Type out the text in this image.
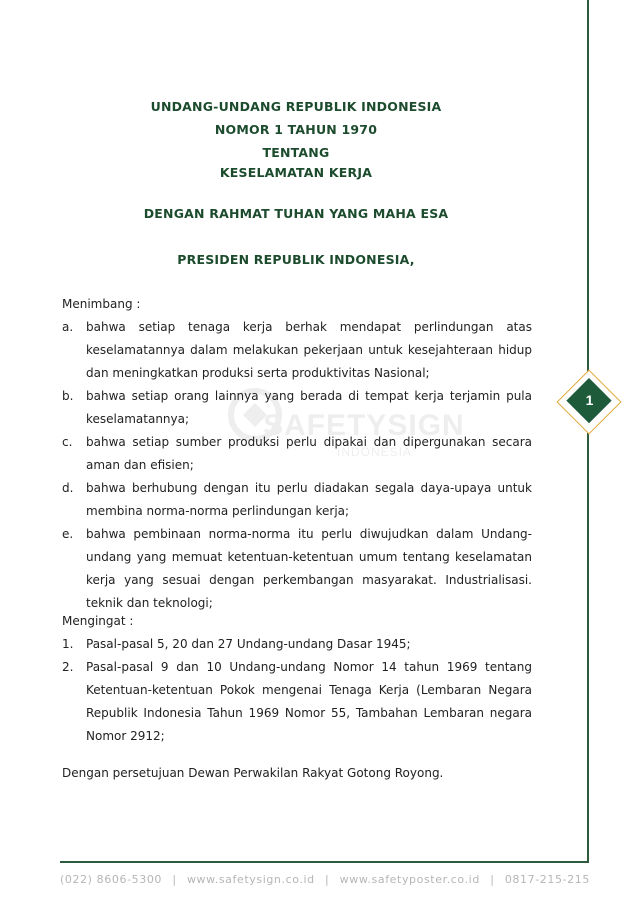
1
SAFETYSIGN
INDONESIA
UNDANG-UNDANG REPUBLIK INDONESIA
NOMOR 1 TAHUN 1970
TENTANG
KESELAMATAN KERJA
DENGAN RAHMAT TUHAN YANG MAHA ESA
PRESIDEN REPUBLIK INDONESIA,

Menimbang :

a. bahwa setiap tenaga kerja berhak mendapat perlindungan atas keselamatannya dalam melakukan pekerjaan untuk kesejahteraan hidup dan meningkatkan produksi serta produktivitas Nasional;
b. bahwa setiap orang lainnya yang berada di tempat kerja terjamin pula keselamatannya;
c. bahwa setiap sumber produksi perlu dipakai dan dipergunakan secara aman dan efisien;
d. bahwa berhubung dengan itu perlu diadakan segala daya-upaya untuk membina norma-norma perlindungan kerja;
e. bahwa pembinaan norma-norma itu perlu diwujudkan dalam Undang-undang yang memuat ketentuan-ketentuan umum tentang keselamatan kerja yang sesuai dengan perkembangan masyarakat. Industrialisasi. teknik dan teknologi;

Mengingat :

1. Pasal-pasal 5, 20 dan 27 Undang-undang Dasar 1945;
2. Pasal-pasal 9 dan 10 Undang-undang Nomor 14 tahun 1969 tentang Ketentuan-ketentuan Pokok mengenai Tenaga Kerja (Lembaran Negara Republik Indonesia Tahun 1969 Nomor 55, Tambahan Lembaran negara Nomor 2912;
Dengan persetujuan Dewan Perwakilan Rakyat Gotong Royong.
(022) 8606-5300 | www.safetysign.co.id | www.safetyposter.co.id | 0817-215-215
